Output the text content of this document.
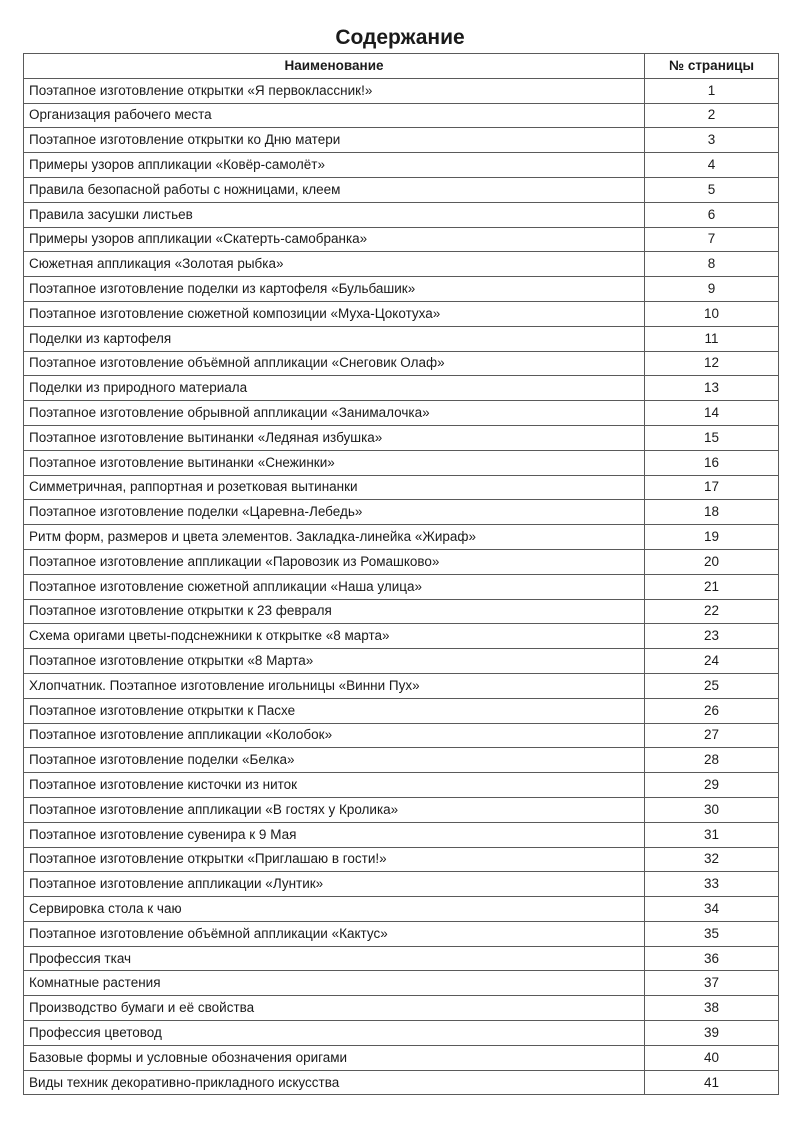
Содержание
Наименование	№ страницы
Поэтапное изготовление открытки «Я первоклассник!»	1
Организация рабочего места	2
Поэтапное изготовление открытки ко Дню матери	3
Примеры узоров аппликации «Ковёр-самолёт»	4
Правила безопасной работы с ножницами, клеем	5
Правила засушки листьев	6
Примеры узоров аппликации «Скатерть-самобранка»	7
Сюжетная аппликация «Золотая рыбка»	8
Поэтапное изготовление поделки из картофеля «Бульбашик»	9
Поэтапное изготовление сюжетной композиции «Муха-Цокотуха»	10
Поделки из картофеля	11
Поэтапное изготовление объёмной аппликации «Снеговик Олаф»	12
Поделки из природного материала	13
Поэтапное изготовление обрывной аппликации «Занималочка»	14
Поэтапное изготовление вытинанки «Ледяная избушка»	15
Поэтапное изготовление вытинанки «Снежинки»	16
Симметричная, раппортная и розетковая вытинанки	17
Поэтапное изготовление поделки «Царевна-Лебедь»	18
Ритм форм, размеров и цвета элементов. Закладка-линейка «Жираф»	19
Поэтапное изготовление аппликации «Паровозик из Ромашково»	20
Поэтапное изготовление сюжетной аппликации «Наша улица»	21
Поэтапное изготовление открытки к 23 февраля	22
Схема оригами цветы-подснежники к открытке «8 марта»	23
Поэтапное изготовление открытки «8 Марта»	24
Хлопчатник. Поэтапное изготовление игольницы «Винни Пух»	25
Поэтапное изготовление открытки к Пасхе	26
Поэтапное изготовление аппликации «Колобок»	27
Поэтапное изготовление поделки «Белка»	28
Поэтапное изготовление кисточки из ниток	29
Поэтапное изготовление аппликации «В гостях у Кролика»	30
Поэтапное изготовление сувенира к 9 Мая	31
Поэтапное изготовление открытки «Приглашаю в гости!»	32
Поэтапное изготовление аппликации «Лунтик»	33
Сервировка стола к чаю	34
Поэтапное изготовление объёмной аппликации «Кактус»	35
Профессия ткач	36
Комнатные растения	37
Производство бумаги и её свойства	38
Профессия цветовод	39
Базовые формы и условные обозначения оригами	40
Виды техник декоративно-прикладного искусства	41
